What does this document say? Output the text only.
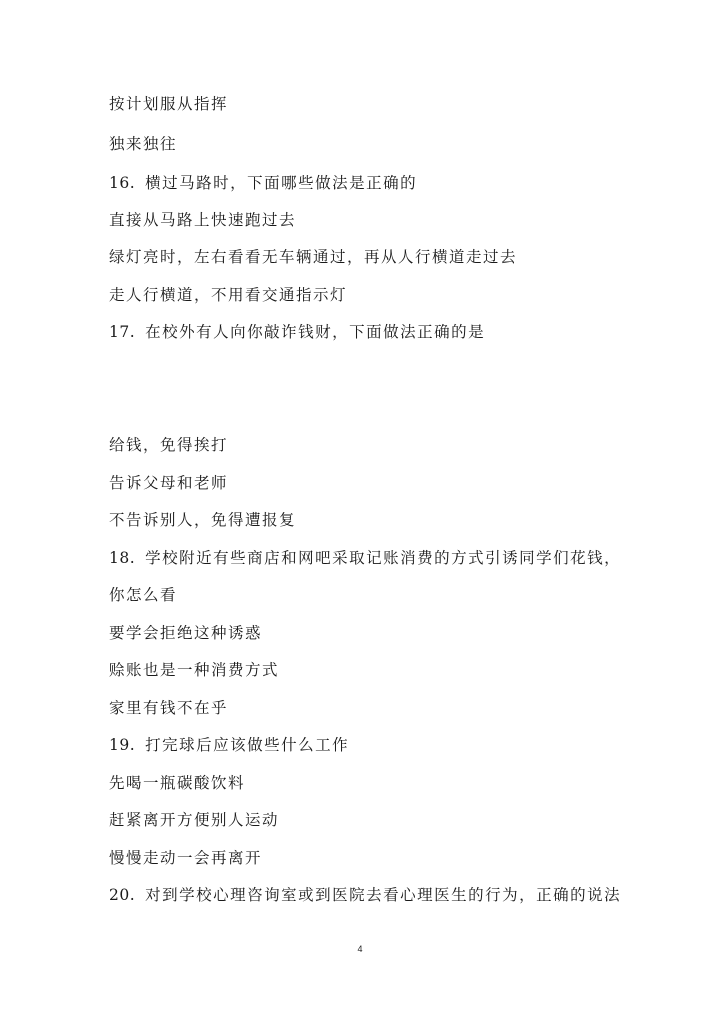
按计划服从指挥
独来独往
16. 横过马路时，下面哪些做法是正确的
直接从马路上快速跑过去
绿灯亮时，左右看看无车辆通过，再从人行横道走过去
走人行横道，不用看交通指示灯
17. 在校外有人向你敲诈钱财，下面做法正确的是
给钱，免得挨打
告诉父母和老师
不告诉别人，免得遭报复
18. 学校附近有些商店和网吧采取记账消费的方式引诱同学们花钱，
你怎么看
要学会拒绝这种诱惑
赊账也是一种消费方式
家里有钱不在乎
19. 打完球后应该做些什么工作
先喝一瓶碳酸饮料
赶紧离开方便别人运动
慢慢走动一会再离开
20. 对到学校心理咨询室或到医院去看心理医生的行为，正确的说法
4
